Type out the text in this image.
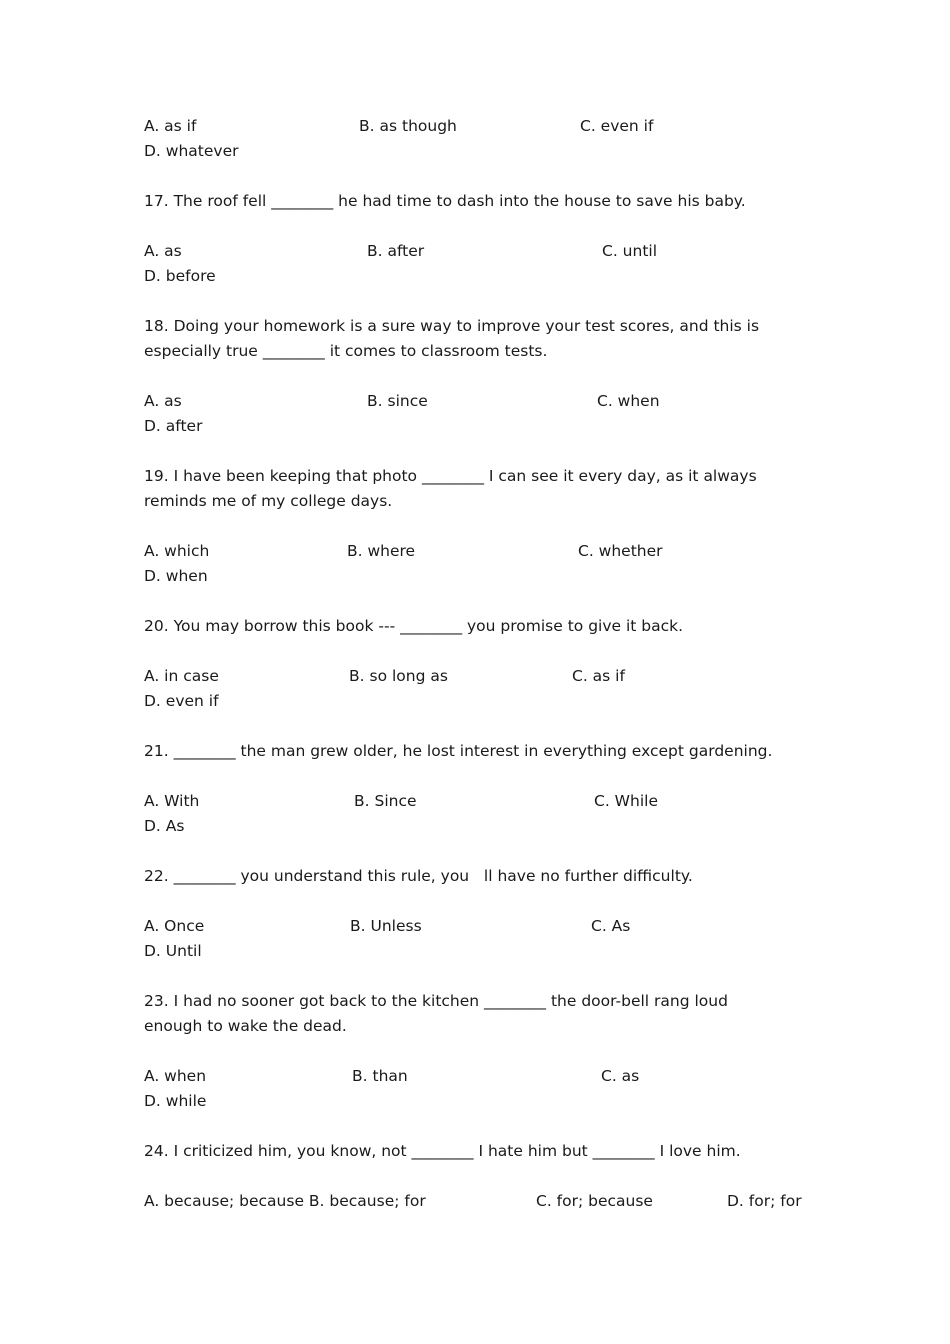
A. as if	B. as though	C. even if
D. whatever
17. The roof fell ________ he had time to dash into the house to save his baby.
A. as	B. after	C. until
D. before
18. Doing your homework is a sure way to improve your test scores, and this is
especially true ________ it comes to classroom tests.
A. as	B. since	C. when
D. after
19. I have been keeping that photo ________ I can see it every day, as it always
reminds me of my college days.
A. which	B. where	C. whether
D. when
20. You may borrow this book --- ________ you promise to give it back.
A. in case	B. so long as	C. as if
D. even if
21. ________ the man grew older, he lost interest in everything except gardening.
A. With	B. Since	C. While
D. As
22. ________ you understand this rule, you   ll have no further difficulty.
A. Once	B. Unless	C. As
D. Until
23. I had no sooner got back to the kitchen ________ the door-bell rang loud
enough to wake the dead.
A. when	B. than	C. as
D. while
24. I criticized him, you know, not ________ I hate him but ________ I love him.
A. because; because B. because; for	C. for; because	D. for; for
